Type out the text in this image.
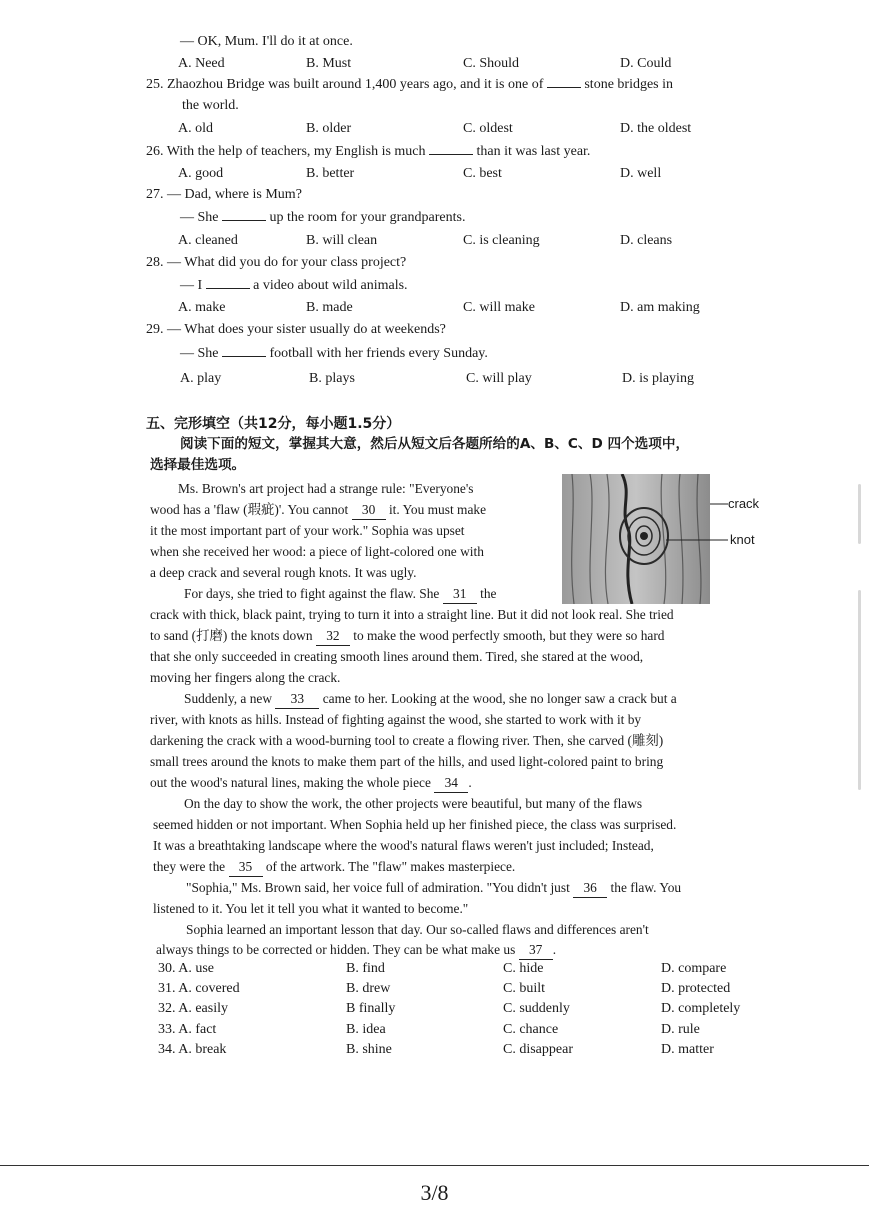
— OK, Mum. I'll do it at once.
A. Need	B. Must	C. Should	D. Could
25. Zhaozhou Bridge was built around 1,400 years ago, and it is one of	stone bridges in
the world.
A. old	B. older	C. oldest	D. the oldest
26. With the help of teachers, my English is much	than it was last year.
A. good	B. better	C. best	D. well
27. — Dad, where is Mum?
— She	up the room for your grandparents.
A. cleaned	B. will clean	C. is cleaning	D. cleans
28. — What did you do for your class project?
— I	a video about wild animals.
A. make	B. made	C. will make	D. am making
29. — What does your sister usually do at weekends?
— She	football with her friends every Sunday.
A. play	B. plays	C. will play	D. is playing
五、完形填空（共12分，每小题1.5分）
阅读下面的短文，掌握其大意，然后从短文后各题所给的A、B、C、D 四个选项中，
选择最佳选项。
crack
knot
Ms. Brown's art project had a strange rule: "Everyone's
wood has a 'flaw (瑕疵)'. You cannot 30 it. You must make
it the most important part of your work." Sophia was upset
when she received her wood: a piece of light-colored one with
a deep crack and several rough knots. It was ugly.
For days, she tried to fight against the flaw. She 31 the
crack with thick, black paint, trying to turn it into a straight line. But it did not look real. She tried
to sand (打磨) the knots down 32 to make the wood perfectly smooth, but they were so hard
that she only succeeded in creating smooth lines around them. Tired, she stared at the wood,
moving her fingers along the crack.
Suddenly, a new 33 came to her. Looking at the wood, she no longer saw a crack but a
river, with knots as hills. Instead of fighting against the wood, she started to work with it by
darkening the crack with a wood-burning tool to create a flowing river. Then, she carved (雕刻)
small trees around the knots to make them part of the hills, and used light-colored paint to bring
out the wood's natural lines, making the whole piece 34 .
On the day to show the work, the other projects were beautiful, but many of the flaws
seemed hidden or not important. When Sophia held up her finished piece, the class was surprised.
It was a breathtaking landscape where the wood's natural flaws weren't just included; Instead,
they were the 35 of the artwork. The "flaw" makes masterpiece.
"Sophia," Ms. Brown said, her voice full of admiration. "You didn't just 36 the flaw. You
listened to it. You let it tell you what it wanted to become."
Sophia learned an important lesson that day. Our so-called flaws and differences aren't
always things to be corrected or hidden. They can be what make us 37 .
30. A. use	B. find	C. hide	D. compare
31. A. covered	B. drew	C. built	D. protected
32. A. easily	B finally	C. suddenly	D. completely
33. A. fact	B. idea	C. chance	D. rule
34. A. break	B. shine	C. disappear	D. matter
3/8
